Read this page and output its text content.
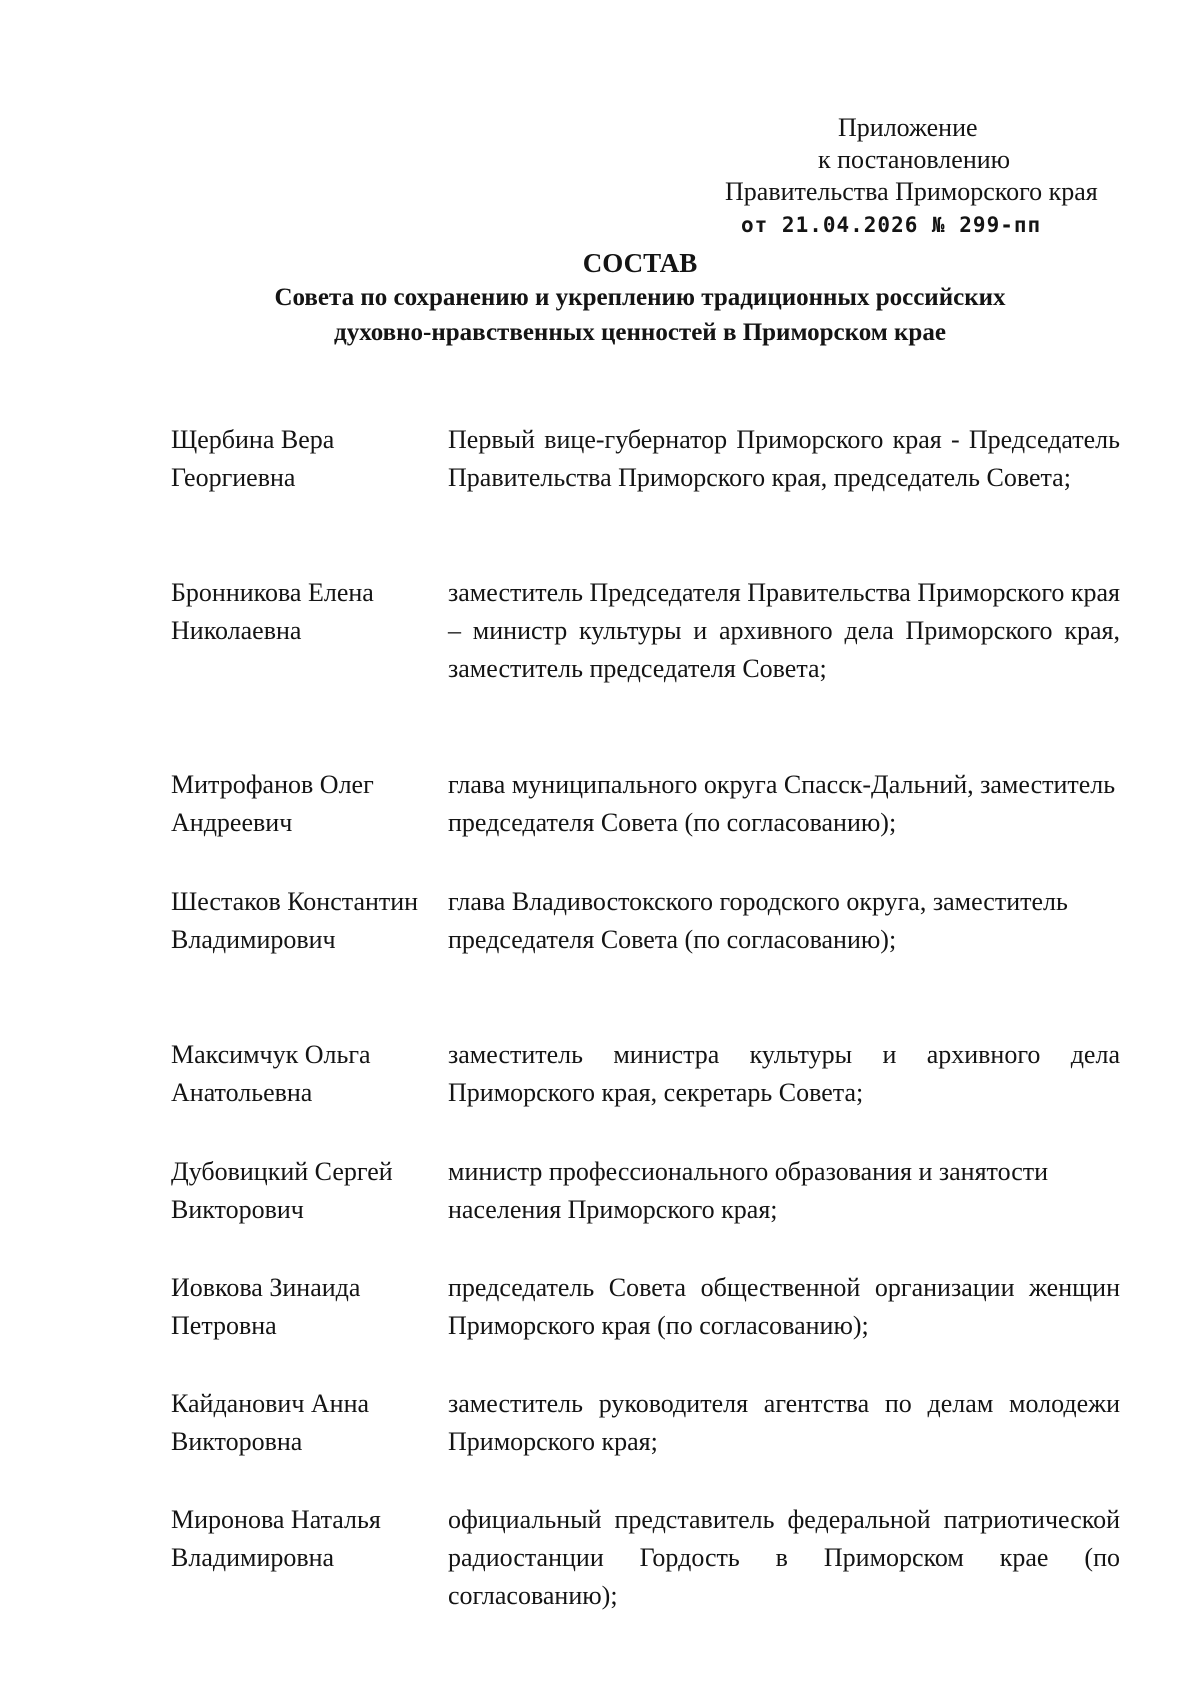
Приложение
к постановлению
Правительства Приморского края
от 21.04.2026 № 299-пп
СОСТАВ
Совета по сохранению и укреплению традиционных российских духовно-нравственных ценностей в Приморском крае
Щербина Вера Георгиевна
Первый вице-губернатор Приморского края - Председатель Правительства Приморского края, председатель Совета;
Бронникова Елена Николаевна
заместитель Председателя Правительства Приморского края – министр культуры и архивного дела Приморского края, заместитель председателя Совета;
Митрофанов Олег Андреевич
глава муниципального округа Спасск-Дальний, заместитель председателя Совета (по согласованию);
Шестаков Константин Владимирович
глава Владивостокского городского округа, заместитель председателя Совета (по согласованию);
Максимчук Ольга Анатольевна
заместитель министра культуры и архивного дела Приморского края, секретарь Совета;
Дубовицкий Сергей Викторович
министр профессионального образования и занятости населения Приморского края;
Иовкова Зинаида Петровна
председатель Совета общественной организации женщин Приморского края (по согласованию);
Кайданович Анна Викторовна
заместитель руководителя агентства по делам молодежи Приморского края;
Миронова Наталья Владимировна
официальный представитель федеральной патриотической радиостанции Гордость в Приморском крае (по согласованию);
